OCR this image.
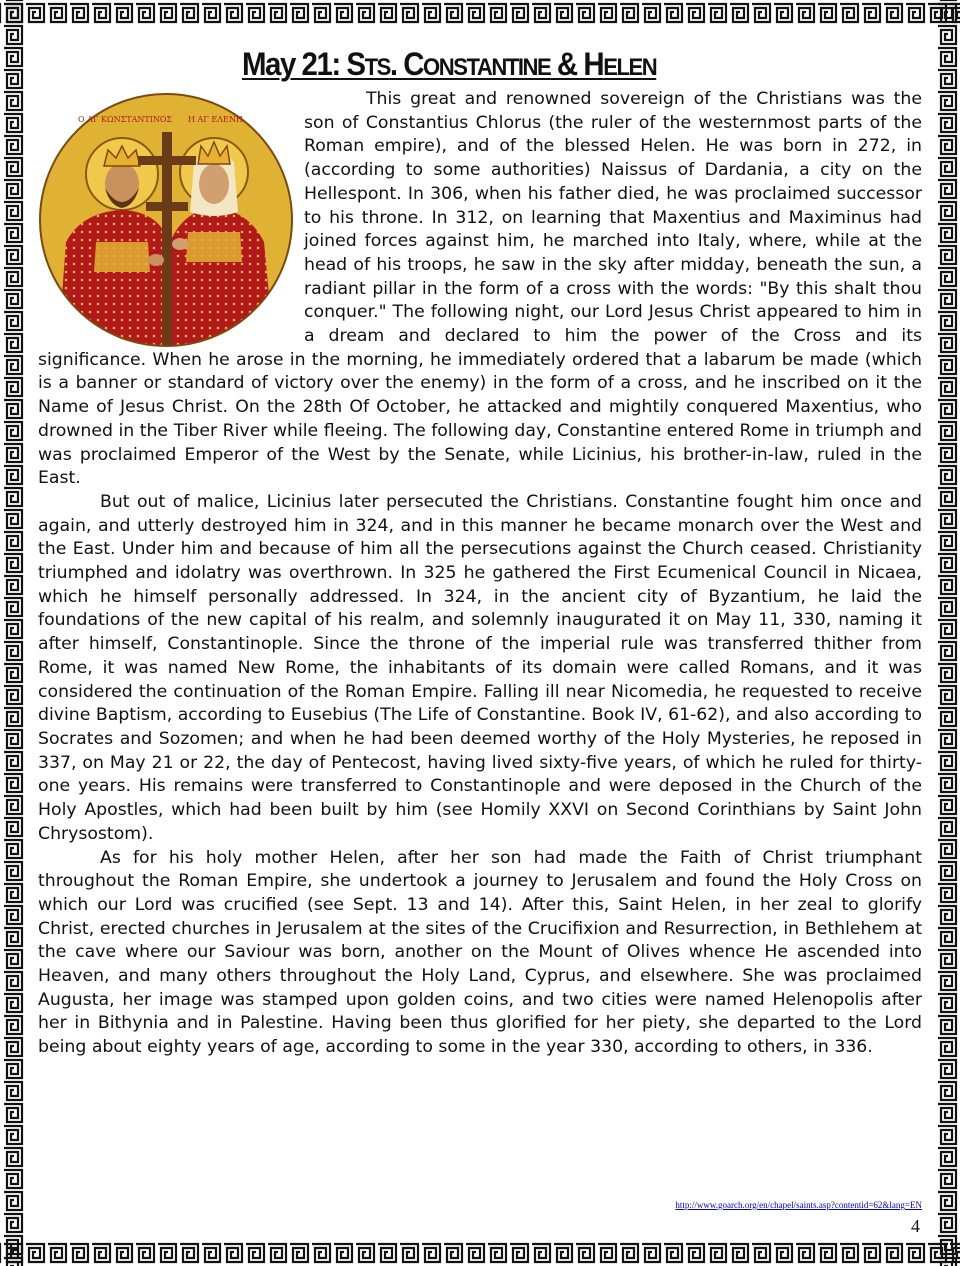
May 21: STS. CONSTANTINE & HELEN
Ο ΑΓ ΚΩΝΣΤΑΝΤΙΝΟΣ Η ΑΓ ΕΛΕΝΗ

This great and renowned sovereign of the Christians was the son of Constantius Chlorus (the ruler of the westernmost parts of the Roman empire), and of the blessed Helen. He was born in 272, in (according to some authorities) Naissus of Dardania, a city on the Hellespont. In 306, when his father died, he was proclaimed successor to his throne. In 312, on learning that Maxentius and Maximinus had joined forces against him, he marched into Italy, where, while at the head of his troops, he saw in the sky after midday, beneath the sun, a radiant pillar in the form of a cross with the words: "By this shalt thou conquer." The following night, our Lord Jesus Christ appeared to him in a dream and declared to him the power of the Cross and its significance. When he arose in the morning, he immediately ordered that a labarum be made (which is a banner or standard of victory over the enemy) in the form of a cross, and he inscribed on it the Name of Jesus Christ. On the 28th Of October, he attacked and mightily conquered Maxentius, who drowned in the Tiber River while fleeing. The following day, Constantine entered Rome in triumph and was proclaimed Emperor of the West by the Senate, while Licinius, his brother-in-law, ruled in the East.

But out of malice, Licinius later persecuted the Christians. Constantine fought him once and again, and utterly destroyed him in 324, and in this manner he became monarch over the West and the East. Under him and because of him all the persecutions against the Church ceased. Christianity triumphed and idolatry was overthrown. In 325 he gathered the First Ecumenical Council in Nicaea, which he himself personally addressed. In 324, in the ancient city of Byzantium, he laid the foundations of the new capital of his realm, and solemnly inaugurated it on May 11, 330, naming it after himself, Constantinople. Since the throne of the imperial rule was transferred thither from Rome, it was named New Rome, the inhabitants of its domain were called Romans, and it was considered the continuation of the Roman Empire. Falling ill near Nicomedia, he requested to receive divine Baptism, according to Eusebius (The Life of Constantine. Book IV, 61-62), and also according to Socrates and Sozomen; and when he had been deemed worthy of the Holy Mysteries, he reposed in 337, on May 21 or 22, the day of Pentecost, having lived sixty-five years, of which he ruled for thirty-one years. His remains were transferred to Constantinople and were deposed in the Church of the Holy Apostles, which had been built by him (see Homily XXVI on Second Corinthians by Saint John Chrysostom).

As for his holy mother Helen, after her son had made the Faith of Christ triumphant throughout the Roman Empire, she undertook a journey to Jerusalem and found the Holy Cross on which our Lord was crucified (see Sept. 13 and 14). After this, Saint Helen, in her zeal to glorify Christ, erected churches in Jerusalem at the sites of the Crucifixion and Resurrection, in Bethlehem at the cave where our Saviour was born, another on the Mount of Olives whence He ascended into Heaven, and many others throughout the Holy Land, Cyprus, and elsewhere. She was proclaimed Augusta, her image was stamped upon golden coins, and two cities were named Helenopolis after her in Bithynia and in Palestine. Having been thus glorified for her piety, she departed to the Lord being about eighty years of age, according to some in the year 330, according to others, in 336.

http://www.goarch.org/en/chapel/saints.asp?contentid=62&lang=EN
4
